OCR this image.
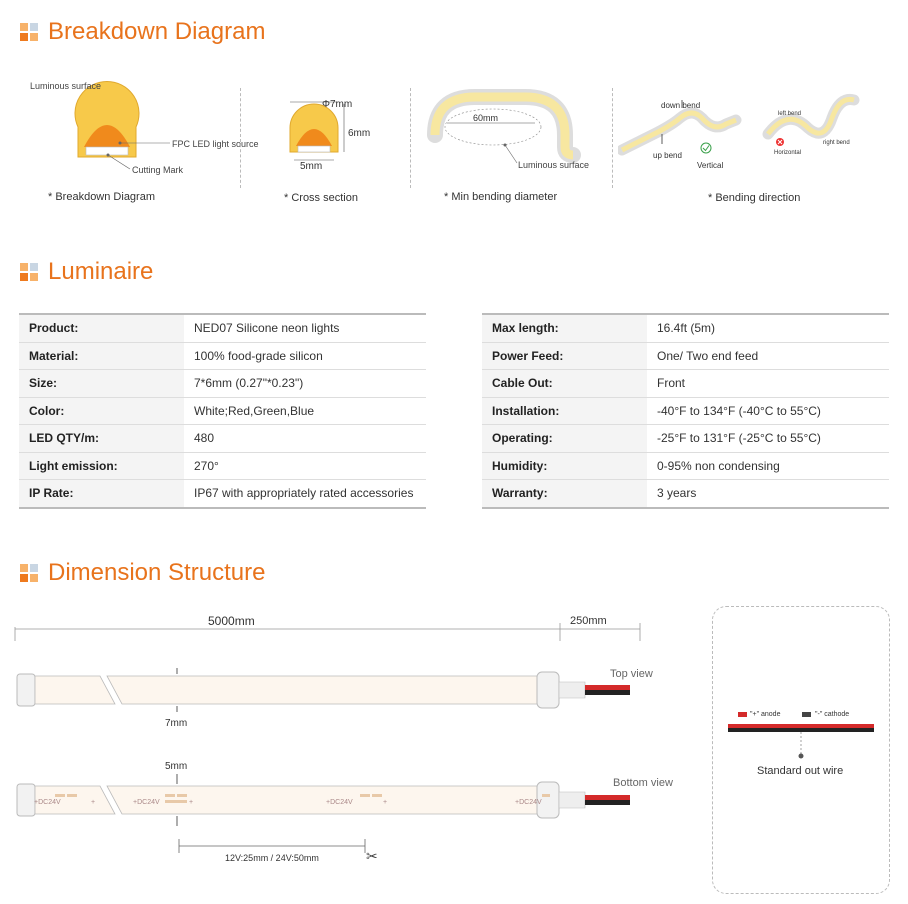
Breakdown Diagram
Luminous surface
FPC LED light source
Cutting Mark
* Breakdown Diagram
Φ7mm
6mm
5mm
* Cross section
60mm
Luminous surface
* Min bending diameter
down bend
up bend
Vertical
left bend
right bend
Horizontal
* Bending direction
Luminaire
Product:	NED07 Silicone neon lights
Material:	100% food-grade silicon
Size:	7*6mm (0.27"*0.23")
Color:	White;Red,Green,Blue
LED QTY/m:	480
Light emission:	270°
IP Rate:	IP67 with appropriately rated accessories
Max length:	16.4ft (5m)
Power Feed:	One/ Two end feed
Cable Out:	Front
Installation:	-40°F to 134°F (-40°C to 55°C)
Operating:	-25°F to 131°F (-25°C to 55°C)
Humidity:	0-95% non condensing
Warranty:	3 years
Dimension Structure
5000mm	250mm
Top view
7mm
Bottom view
5mm
+DC24V	+	+DC24V	+	+DC24V	+	+DC24V
12V:25mm / 24V:50mm	✂
"+" anode	"-" cathode
Standard out wire
